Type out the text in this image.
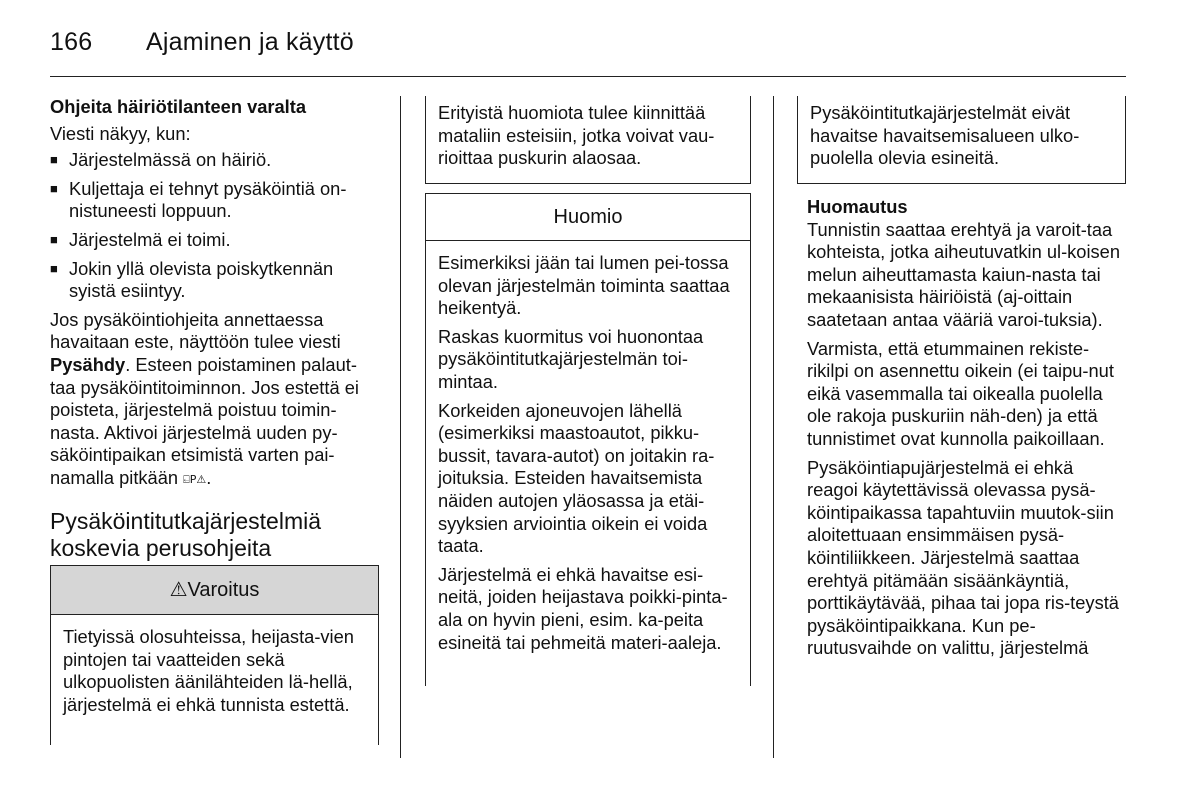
166 Ajaminen ja käyttö

Ohjeita häiriötilanteen varalta

Viesti näkyy, kun:

■ Järjestelmässä on häiriö.
■ Kuljettaja ei tehnyt pysäköintiä on-nistuneesti loppuun.
■ Järjestelmä ei toimi.
■ Jokin yllä olevista poiskytkennän syistä esiintyy.

Jos pysäköintiohjeita annettaessa havaitaan este, näyttöön tulee viesti Pysähdy. Esteen poistaminen palaut-taa pysäköintitoiminnon. Jos estettä ei poisteta, järjestelmä poistuu toimin-nasta. Aktivoi järjestelmä uuden py-säköintipaikan etsimistä varten pai-namalla pitkään ⍇P⚠.

Pysäköintitutkajärjestelmiä
koskevia perusohjeita
⚠Varoitus
Tietyissä olosuhteissa, heijasta-vien pintojen tai vaatteiden sekä ulkopuolisten äänilähteiden lä-hellä, järjestelmä ei ehkä tunnista estettä.
Erityistä huomiota tulee kiinnittää mataliin esteisiin, jotka voivat vau-rioittaa puskurin alaosaa.
Huomio

Esimerkiksi jään tai lumen pei-tossa olevan järjestelmän toiminta saattaa heikentyä.

Raskas kuormitus voi huonontaa pysäköintitutkajärjestelmän toi-mintaa.

Korkeiden ajoneuvojen lähellä (esimerkiksi maastoautot, pikku-bussit, tavara-autot) on joitakin ra-joituksia. Esteiden havaitsemista näiden autojen yläosassa ja etäi-syyksien arviointia oikein ei voida taata.

Järjestelmä ei ehkä havaitse esi-neitä, joiden heijastava poikki-pinta-ala on hyvin pieni, esim. ka-peita esineitä tai pehmeitä materi-aaleja.

Pysäköintitutkajärjestelmät eivät havaitse havaitsemisalueen ulko-puolella olevia esineitä.

Huomautus

Tunnistin saattaa erehtyä ja varoit-taa kohteista, jotka aiheutuvatkin ul-koisen melun aiheuttamasta kaiun-nasta tai mekaanisista häiriöistä (aj-oittain saatetaan antaa vääriä varoi-tuksia).

Varmista, että etummainen rekiste-rikilpi on asennettu oikein (ei taipu-nut eikä vasemmalla tai oikealla puolella ole rakoja puskuriin näh-den) ja että tunnistimet ovat kunnolla paikoillaan.

Pysäköintiapujärjestelmä ei ehkä reagoi käytettävissä olevassa pysä-köintipaikassa tapahtuviin muutok-siin aloitettuaan ensimmäisen pysä-köintiliikkeen. Järjestelmä saattaa erehtyä pitämään sisäänkäyntiä, porttikäytävää, pihaa tai jopa ris-teystä pysäköintipaikkana. Kun pe-ruutusvaihde on valittu, järjestelmä
